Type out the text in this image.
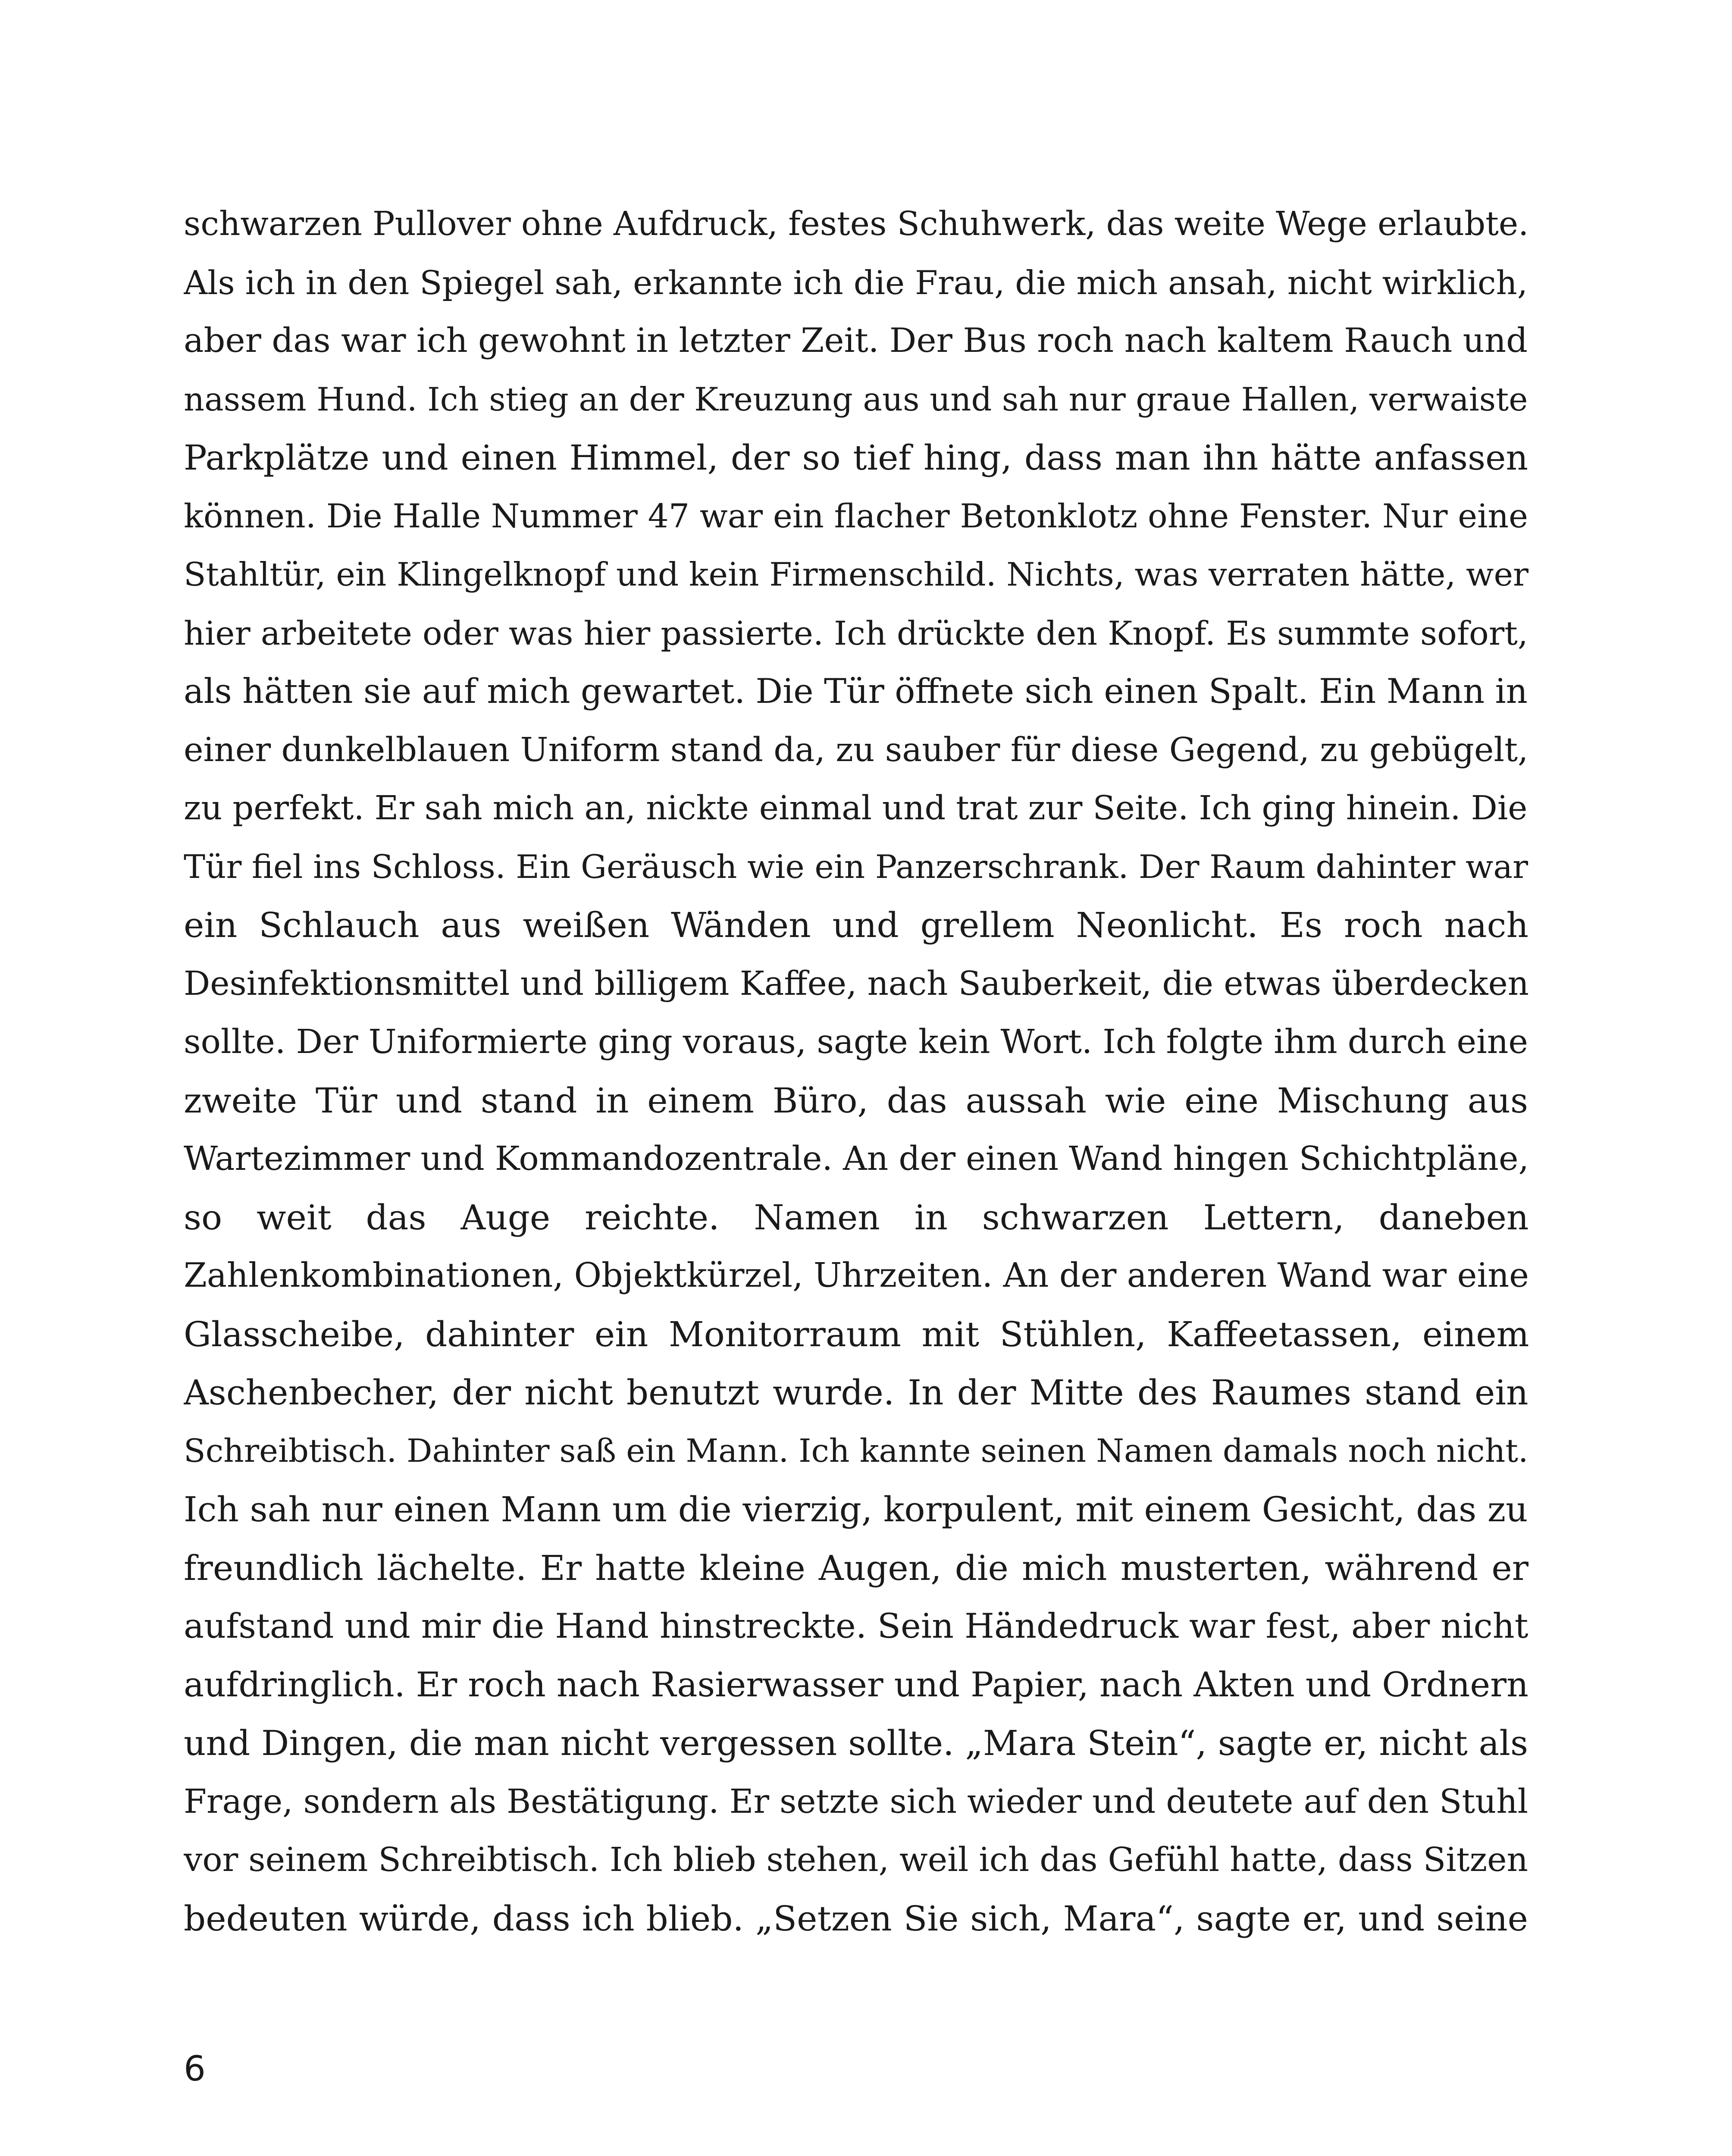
schwarzen Pullover ohne Aufdruck, festes Schuhwerk, das weite Wege erlaubte.
Als ich in den Spiegel sah, erkannte ich die Frau, die mich ansah, nicht wirklich,
aber das war ich gewohnt in letzter Zeit. Der Bus roch nach kaltem Rauch und
nassem Hund. Ich stieg an der Kreuzung aus und sah nur graue Hallen, verwaiste
Parkplätze und einen Himmel, der so tief hing, dass man ihn hätte anfassen
können. Die Halle Nummer 47 war ein flacher Betonklotz ohne Fenster. Nur eine
Stahltür, ein Klingelknopf und kein Firmenschild. Nichts, was verraten hätte, wer
hier arbeitete oder was hier passierte. Ich drückte den Knopf. Es summte sofort,
als hätten sie auf mich gewartet. Die Tür öffnete sich einen Spalt. Ein Mann in
einer dunkelblauen Uniform stand da, zu sauber für diese Gegend, zu gebügelt,
zu perfekt. Er sah mich an, nickte einmal und trat zur Seite. Ich ging hinein. Die
Tür fiel ins Schloss. Ein Geräusch wie ein Panzerschrank. Der Raum dahinter war
ein Schlauch aus weißen Wänden und grellem Neonlicht. Es roch nach
Desinfektionsmittel und billigem Kaffee, nach Sauberkeit, die etwas überdecken
sollte. Der Uniformierte ging voraus, sagte kein Wort. Ich folgte ihm durch eine
zweite Tür und stand in einem Büro, das aussah wie eine Mischung aus
Wartezimmer und Kommandozentrale. An der einen Wand hingen Schichtpläne,
so weit das Auge reichte. Namen in schwarzen Lettern, daneben
Zahlenkombinationen, Objektkürzel, Uhrzeiten. An der anderen Wand war eine
Glasscheibe, dahinter ein Monitorraum mit Stühlen, Kaffeetassen, einem
Aschenbecher, der nicht benutzt wurde. In der Mitte des Raumes stand ein
Schreibtisch. Dahinter saß ein Mann. Ich kannte seinen Namen damals noch nicht.
Ich sah nur einen Mann um die vierzig, korpulent, mit einem Gesicht, das zu
freundlich lächelte. Er hatte kleine Augen, die mich musterten, während er
aufstand und mir die Hand hinstreckte. Sein Händedruck war fest, aber nicht
aufdringlich. Er roch nach Rasierwasser und Papier, nach Akten und Ordnern
und Dingen, die man nicht vergessen sollte. „Mara Stein“, sagte er, nicht als
Frage, sondern als Bestätigung. Er setzte sich wieder und deutete auf den Stuhl
vor seinem Schreibtisch. Ich blieb stehen, weil ich das Gefühl hatte, dass Sitzen
bedeuten würde, dass ich blieb. „Setzen Sie sich, Mara“, sagte er, und seine
6
